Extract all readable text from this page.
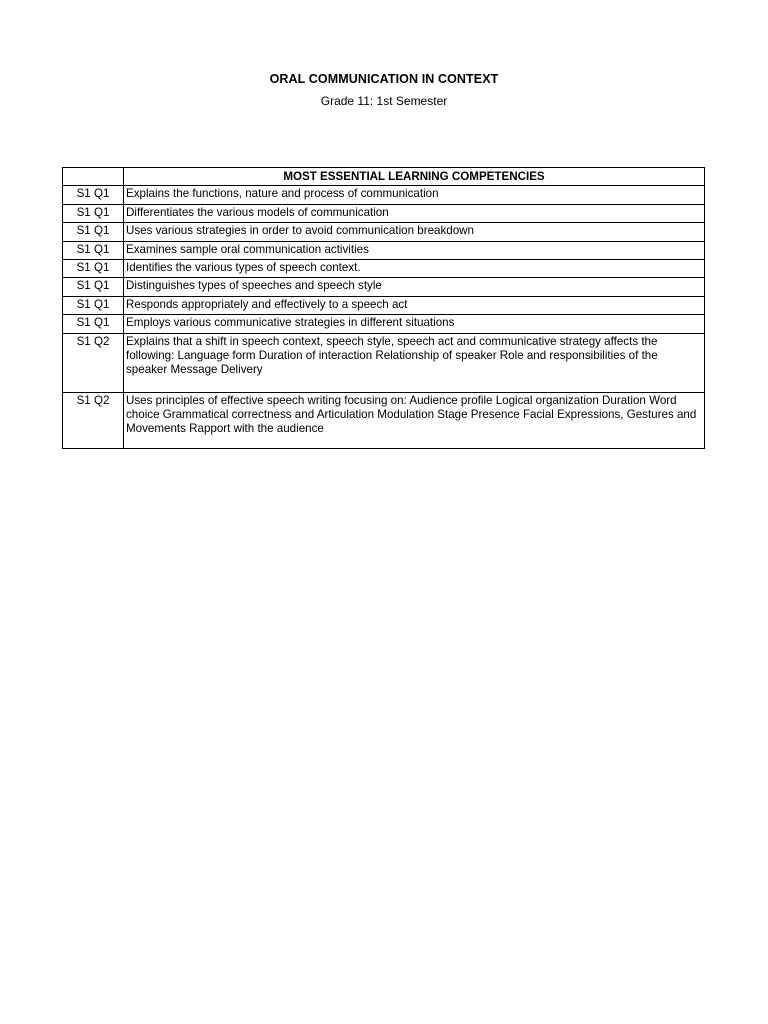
ORAL COMMUNICATION IN CONTEXT
Grade 11: 1st Semester
	MOST ESSENTIAL LEARNING COMPETENCIES
S1 Q1	Explains the functions, nature and process of communication
S1 Q1	Differentiates the various models of communication
S1 Q1	Uses various strategies in order to avoid communication breakdown
S1 Q1	Examines sample oral communication activities
S1 Q1	Identifies the various types of speech context.
S1 Q1	Distinguishes types of speeches and speech style
S1 Q1	Responds appropriately and effectively to a speech act
S1 Q1	Employs various communicative strategies in different situations
S1 Q2	Explains that a shift in speech context, speech style, speech act and communicative strategy affects the following: Language form Duration of interaction Relationship of speaker Role and responsibilities of the speaker Message Delivery
S1 Q2	Uses principles of effective speech writing focusing on: Audience profile Logical organization Duration Word choice Grammatical correctness and Articulation Modulation Stage Presence Facial Expressions, Gestures and Movements Rapport with the audience
